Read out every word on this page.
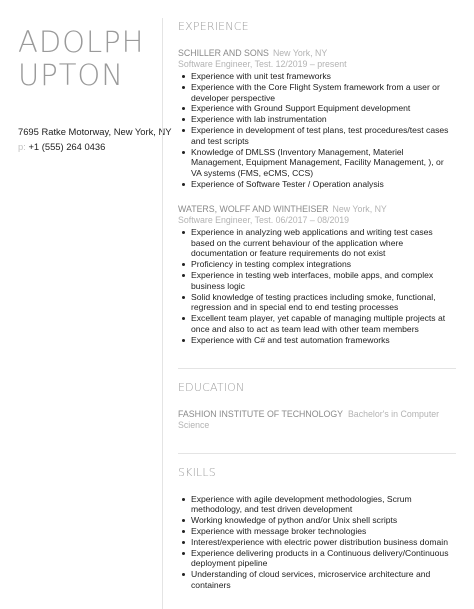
ADOLPH
UPTON
7695 Ratke Motorway, New York, NY
p: +1 (555) 264 0436
EXPERIENCE
SCHILLER AND SONS New York, NY
Software Engineer, Test. 12/2019 – present
Experience with unit test frameworks
Experience with the Core Flight System framework from a user or developer perspective
Experience with Ground Support Equipment development
Experience with lab instrumentation
Experience in development of test plans, test procedures/test cases and test scripts
Knowledge of DMLSS (Inventory Management, Materiel Management, Equipment Management, Facility Management, ), or VA systems (FMS, eCMS, CCS)
Experience of Software Tester / Operation analysis
WATERS, WOLFF AND WINTHEISER New York, NY
Software Engineer, Test. 06/2017 – 08/2019
Experience in analyzing web applications and writing test cases based on the current behaviour of the application where documentation or feature requirements do not exist
Proficiency in testing complex integrations
Experience in testing web interfaces, mobile apps, and complex business logic
Solid knowledge of testing practices including smoke, functional, regression and in special end to end testing processes
Excellent team player, yet capable of managing multiple projects at once and also to act as team lead with other team members
Experience with C# and test automation frameworks
EDUCATION
FASHION INSTITUTE OF TECHNOLOGY Bachelor's in Computer Science
SKILLS
Experience with agile development methodologies, Scrum methodology, and test driven development
Working knowledge of python and/or Unix shell scripts
Experience with message broker technologies
Interest/experience with electric power distribution business domain
Experience delivering products in a Continuous delivery/Continuous deployment pipeline
Understanding of cloud services, microservice architecture and containers
